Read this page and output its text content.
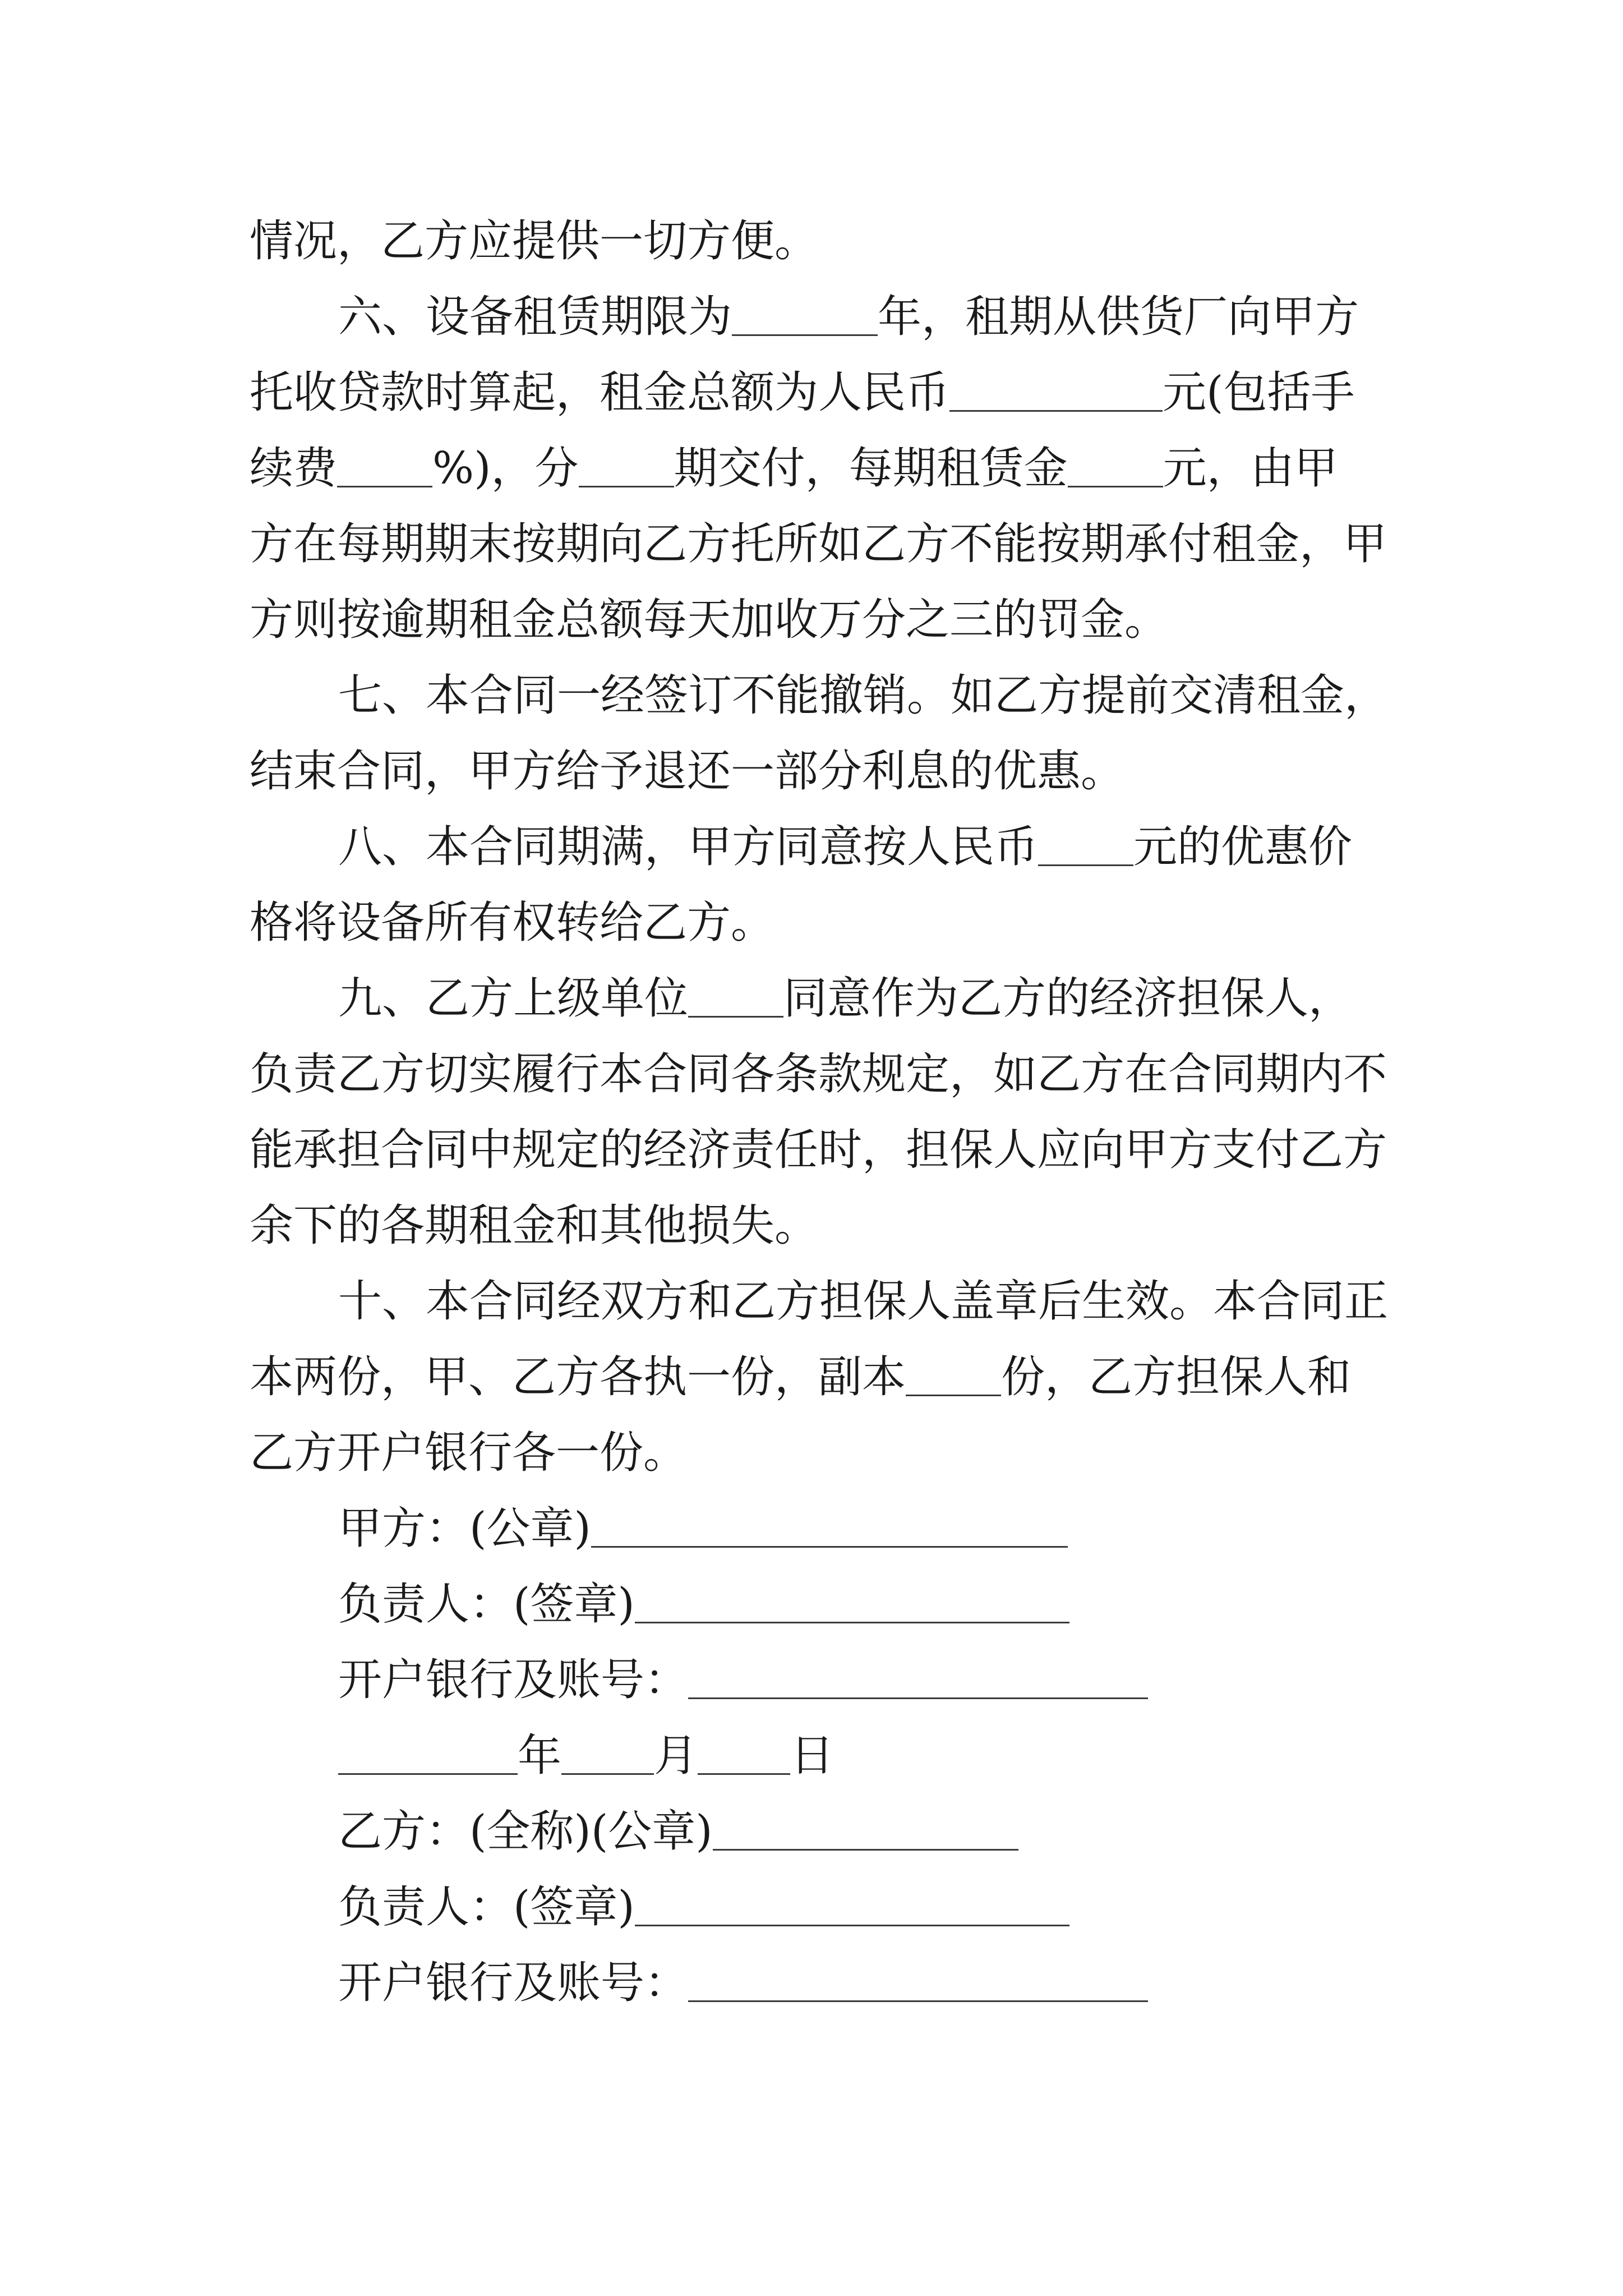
情况，乙方应提供一切方便。
六、设备租赁期限为	年，租期从供货厂向甲方
托收贷款时算起，租金总额为人民币	元(包括手
续费 %)，分 期交付，每期租赁金 元，由甲
方在每期期末按期向乙方托所如乙方不能按期承付租金，甲
方则按逾期租金总额每天加收万分之三的罚金。
七、本合同一经签订不能撤销。如乙方提前交清租金，
结束合同，甲方给予退还一部分利息的优惠。
八、本合同期满，甲方同意按人民币 元的优惠价
格将设备所有权转给乙方。
九、乙方上级单位 同意作为乙方的经济担保人，
负责乙方切实履行本合同各条款规定，如乙方在合同期内不
能承担合同中规定的经济责任时，担保人应向甲方支付乙方
余下的各期租金和其他损失。
十、本合同经双方和乙方担保人盖章后生效。本合同正
本两份，甲、乙方各执一份，副本 份，乙方担保人和
乙方开户银行各一份。
甲方：(公章)
负责人：(签章)
开户银行及账号：
年 月 日
乙方：(全称)(公章)
负责人：(签章)
开户银行及账号：
